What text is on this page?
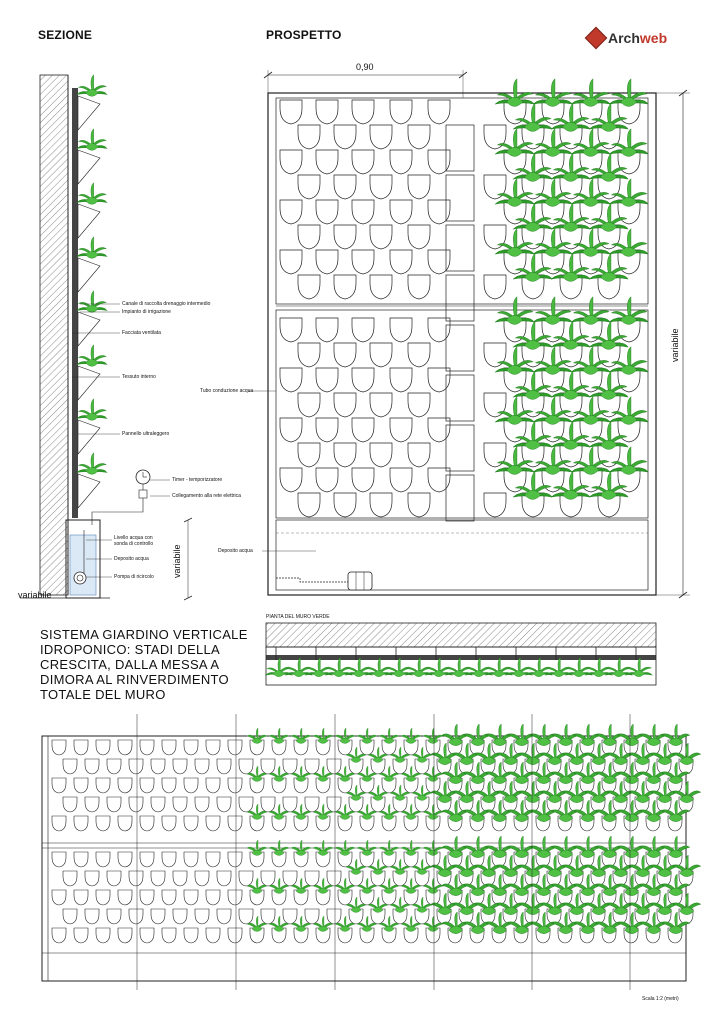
SEZIONE	PROSPETTO	Arch web
Canale di raccolta drenaggio intermedio
Impianto di irrigazione
Facciata ventilata
Tessuto interno
Pannello ultraleggero
Timer - temporizzatore
Collegamento alla rete elettrica
Livello acqua con sonda di controllo
Deposito acqua
Pompa di ricircolo
variabile
variabile
0,90
variabile
Tubo conduzione acqua
Deposito acqua
PIANTA DEL MURO VERDE
SISTEMA GIARDINO VERTICALE IDROPONICO: STADI DELLA CRESCITA, DALLA MESSA A DIMORA AL RINVERDIMENTO TOTALE DEL MURO
Scala 1:2 (metri)
